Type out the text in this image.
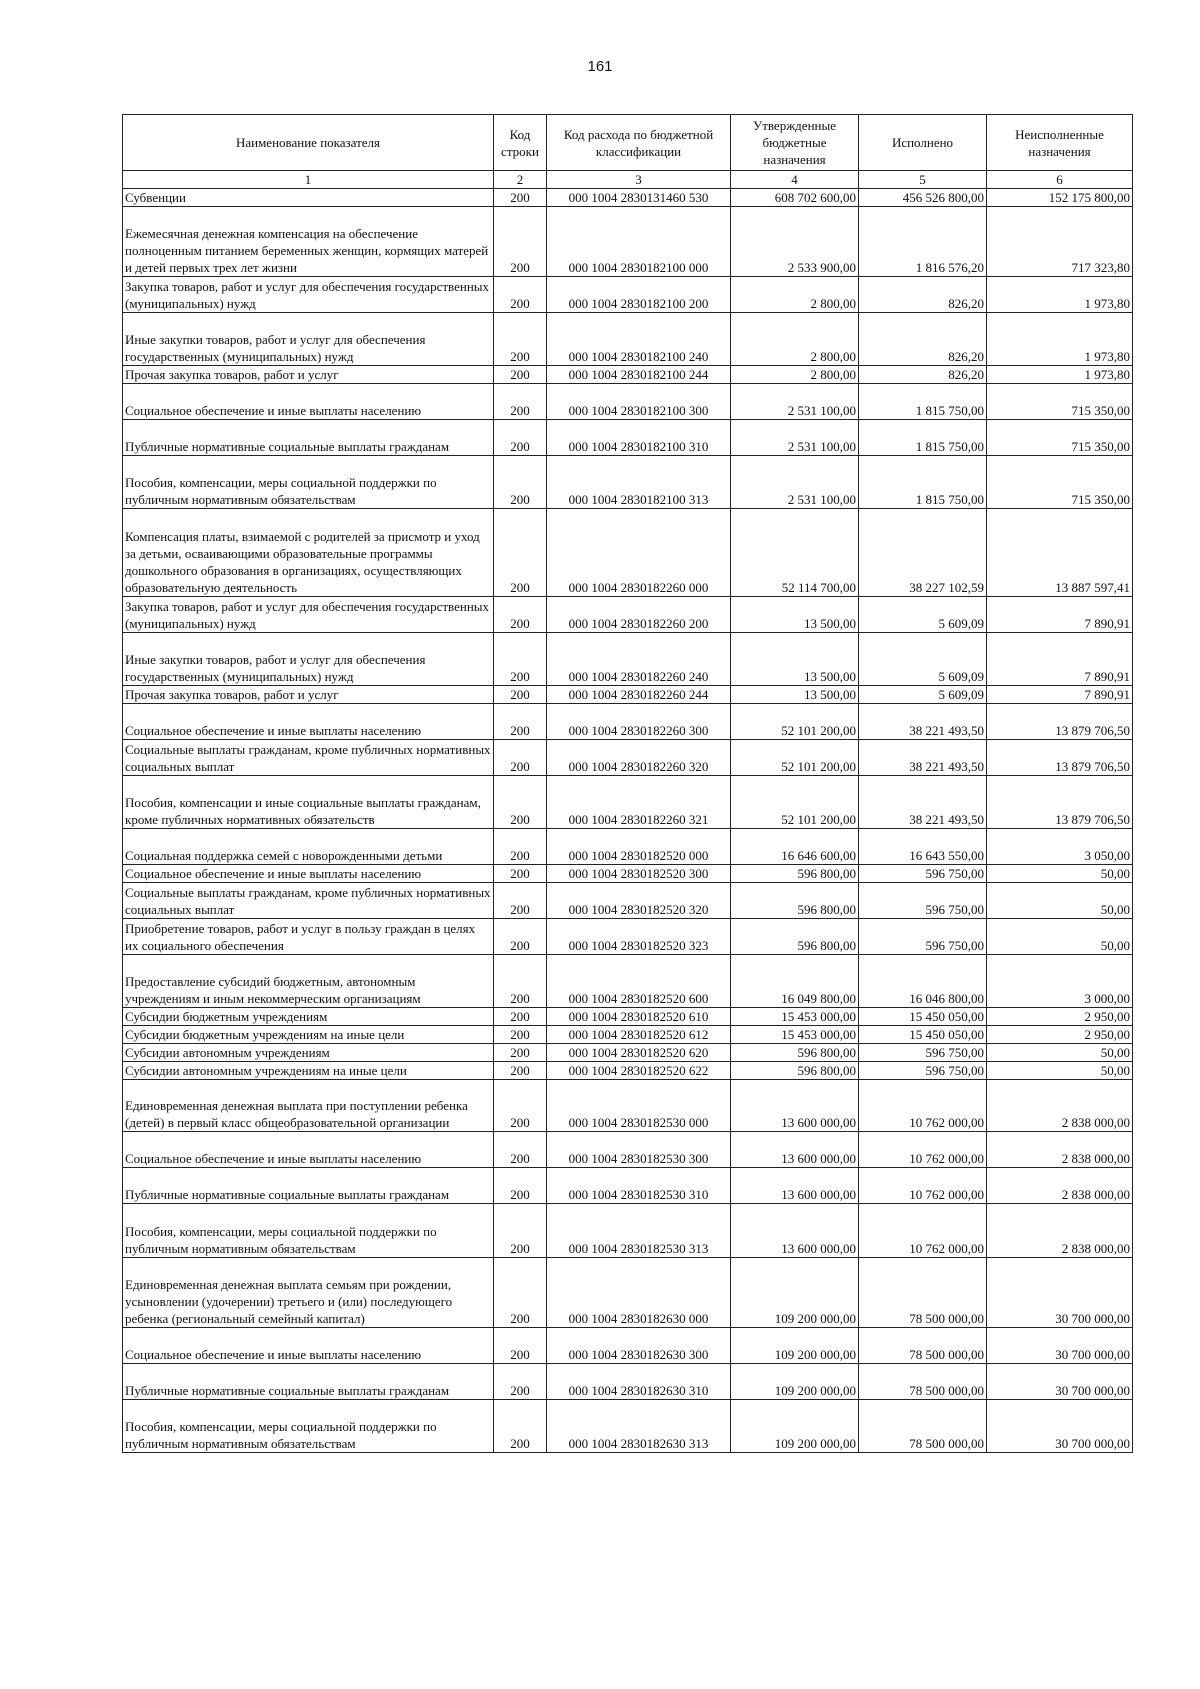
161
Наименование показателя	Код строки	Код расхода по бюджетной классификации	Утвержденные бюджетные назначения	Исполнено	Неисполненные назначения
1	2	3	4	5	6
Субвенции	200	000 1004 2830131460 530	608 702 600,00	456 526 800,00	152 175 800,00
Ежемесячная денежная компенсация на обеспечение полноценным питанием беременных женщин, кормящих матерей и детей первых трех лет жизни	200	000 1004 2830182100 000	2 533 900,00	1 816 576,20	717 323,80
Закупка товаров, работ и услуг для обеспечения государственных (муниципальных) нужд	200	000 1004 2830182100 200	2 800,00	826,20	1 973,80
Иные закупки товаров, работ и услуг для обеспечения государственных (муниципальных) нужд	200	000 1004 2830182100 240	2 800,00	826,20	1 973,80
Прочая закупка товаров, работ и услуг	200	000 1004 2830182100 244	2 800,00	826,20	1 973,80
Социальное обеспечение и иные выплаты населению	200	000 1004 2830182100 300	2 531 100,00	1 815 750,00	715 350,00
Публичные нормативные социальные выплаты гражданам	200	000 1004 2830182100 310	2 531 100,00	1 815 750,00	715 350,00
Пособия, компенсации, меры социальной поддержки по публичным нормативным обязательствам	200	000 1004 2830182100 313	2 531 100,00	1 815 750,00	715 350,00
Компенсация платы, взимаемой с родителей за присмотр и уход за детьми, осваивающими образовательные программы дошкольного образования в организациях, осуществляющих образовательную деятельность	200	000 1004 2830182260 000	52 114 700,00	38 227 102,59	13 887 597,41
Закупка товаров, работ и услуг для обеспечения государственных (муниципальных) нужд	200	000 1004 2830182260 200	13 500,00	5 609,09	7 890,91
Иные закупки товаров, работ и услуг для обеспечения государственных (муниципальных) нужд	200	000 1004 2830182260 240	13 500,00	5 609,09	7 890,91
Прочая закупка товаров, работ и услуг	200	000 1004 2830182260 244	13 500,00	5 609,09	7 890,91
Социальное обеспечение и иные выплаты населению	200	000 1004 2830182260 300	52 101 200,00	38 221 493,50	13 879 706,50
Социальные выплаты гражданам, кроме публичных нормативных социальных выплат	200	000 1004 2830182260 320	52 101 200,00	38 221 493,50	13 879 706,50
Пособия, компенсации и иные социальные выплаты гражданам, кроме публичных нормативных обязательств	200	000 1004 2830182260 321	52 101 200,00	38 221 493,50	13 879 706,50
Социальная поддержка семей с новорожденными детьми	200	000 1004 2830182520 000	16 646 600,00	16 643 550,00	3 050,00
Социальное обеспечение и иные выплаты населению	200	000 1004 2830182520 300	596 800,00	596 750,00	50,00
Социальные выплаты гражданам, кроме публичных нормативных социальных выплат	200	000 1004 2830182520 320	596 800,00	596 750,00	50,00
Приобретение товаров, работ и услуг в пользу граждан в целях их социального обеспечения	200	000 1004 2830182520 323	596 800,00	596 750,00	50,00
Предоставление субсидий бюджетным, автономным учреждениям и иным некоммерческим организациям	200	000 1004 2830182520 600	16 049 800,00	16 046 800,00	3 000,00
Субсидии бюджетным учреждениям	200	000 1004 2830182520 610	15 453 000,00	15 450 050,00	2 950,00
Субсидии бюджетным учреждениям на иные цели	200	000 1004 2830182520 612	15 453 000,00	15 450 050,00	2 950,00
Субсидии автономным учреждениям	200	000 1004 2830182520 620	596 800,00	596 750,00	50,00
Субсидии автономным учреждениям на иные цели	200	000 1004 2830182520 622	596 800,00	596 750,00	50,00
Единовременная денежная выплата при поступлении ребенка (детей) в первый класс общеобразовательной организации	200	000 1004 2830182530 000	13 600 000,00	10 762 000,00	2 838 000,00
Социальное обеспечение и иные выплаты населению	200	000 1004 2830182530 300	13 600 000,00	10 762 000,00	2 838 000,00
Публичные нормативные социальные выплаты гражданам	200	000 1004 2830182530 310	13 600 000,00	10 762 000,00	2 838 000,00
Пособия, компенсации, меры социальной поддержки по публичным нормативным обязательствам	200	000 1004 2830182530 313	13 600 000,00	10 762 000,00	2 838 000,00
Единовременная денежная выплата семьям при рождении, усыновлении (удочерении) третьего и (или) последующего ребенка (региональный семейный капитал)	200	000 1004 2830182630 000	109 200 000,00	78 500 000,00	30 700 000,00
Социальное обеспечение и иные выплаты населению	200	000 1004 2830182630 300	109 200 000,00	78 500 000,00	30 700 000,00
Публичные нормативные социальные выплаты гражданам	200	000 1004 2830182630 310	109 200 000,00	78 500 000,00	30 700 000,00
Пособия, компенсации, меры социальной поддержки по публичным нормативным обязательствам	200	000 1004 2830182630 313	109 200 000,00	78 500 000,00	30 700 000,00
